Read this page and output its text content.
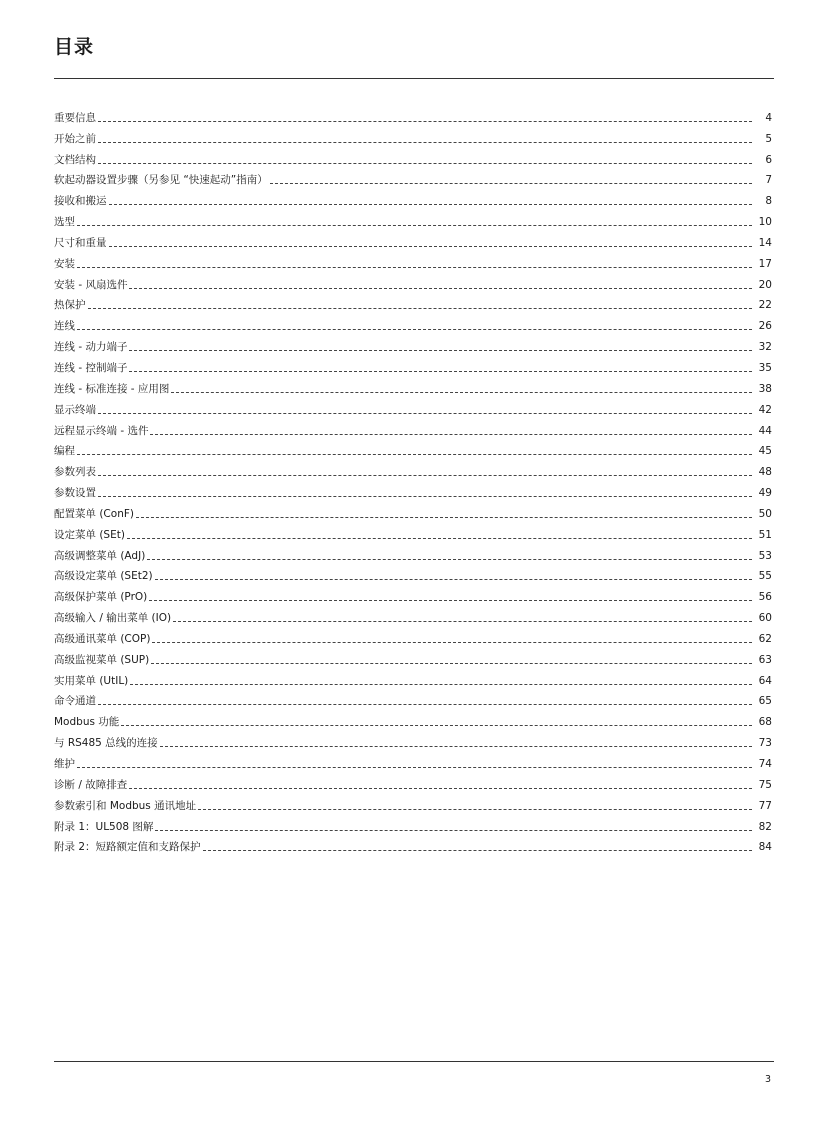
目录
重要信息	4
开始之前	5
文档结构	6
软起动器设置步骤（另参见 “快速起动”指南）	7
接收和搬运	8
选型	10
尺寸和重量	14
安装	17
安装 - 风扇选件	20
热保护	22
连线	26
连线 - 动力端子	32
连线 - 控制端子	35
连线 - 标准连接 - 应用图	38
显示终端	42
远程显示终端 - 选件	44
编程	45
参数列表	48
参数设置	49
配置菜单 (ConF)	50
设定菜单 (SEt)	51
高级调整菜单 (AdJ)	53
高级设定菜单 (SEt2)	55
高级保护菜单 (PrO)	56
高级输入 / 输出菜单 (IO)	60
高级通讯菜单 (COP)	62
高级监视菜单 (SUP)	63
实用菜单 (UtIL)	64
命令通道	65
Modbus 功能	68
与 RS485 总线的连接	73
维护	74
诊断 / 故障排查	75
参数索引和 Modbus 通讯地址	77
附录 1：UL508 图解	82
附录 2：短路额定值和支路保护	84
3
